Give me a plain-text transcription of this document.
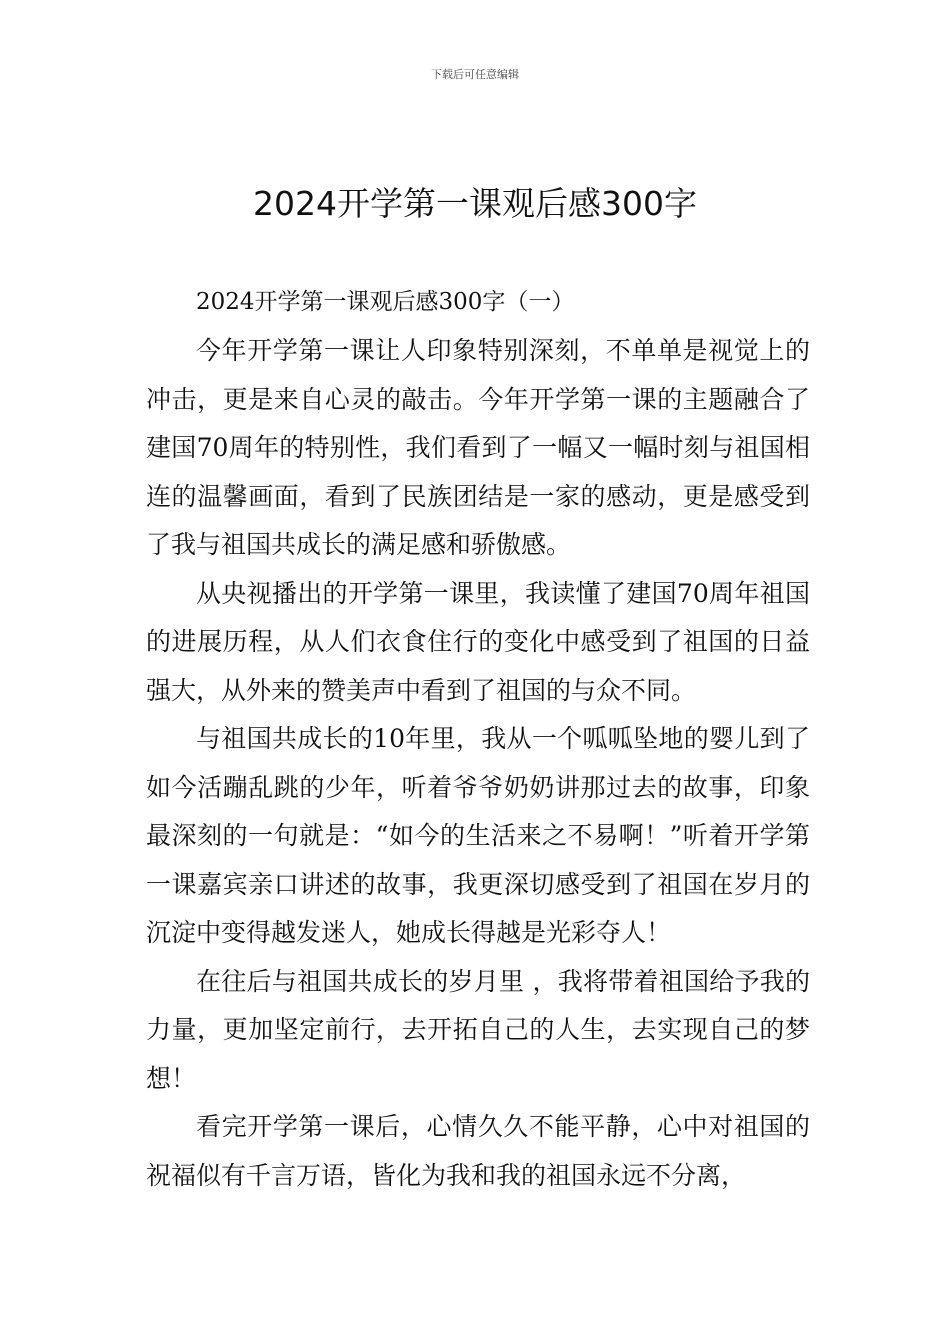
下载后可任意编辑
2024开学第一课观后感300字
2024开学第一课观后感300字（一）

今年开学第一课让人印象特别深刻，不单单是视觉上的冲击，更是来自心灵的敲击。今年开学第一课的主题融合了建国70周年的特别性，我们看到了一幅又一幅时刻与祖国相连的温馨画面，看到了民族团结是一家的感动，更是感受到了我与祖国共成长的满足感和骄傲感。

从央视播出的开学第一课里，我读懂了建国70周年祖国的进展历程，从人们衣食住行的变化中感受到了祖国的日益强大，从外来的赞美声中看到了祖国的与众不同。

与祖国共成长的10年里，我从一个呱呱坠地的婴儿到了如今活蹦乱跳的少年，听着爷爷奶奶讲那过去的故事，印象最深刻的一句就是：“如今的生活来之不易啊！”听着开学第一课嘉宾亲口讲述的故事，我更深切感受到了祖国在岁月的沉淀中变得越发迷人，她成长得越是光彩夺人！

在往后与祖国共成长的岁月里 ，我将带着祖国给予我的力量，更加坚定前行，去开拓自己的人生，去实现自己的梦想！

看完开学第一课后，心情久久不能平静，心中对祖国的祝福似有千言万语，皆化为我和我的祖国永远不分离，
